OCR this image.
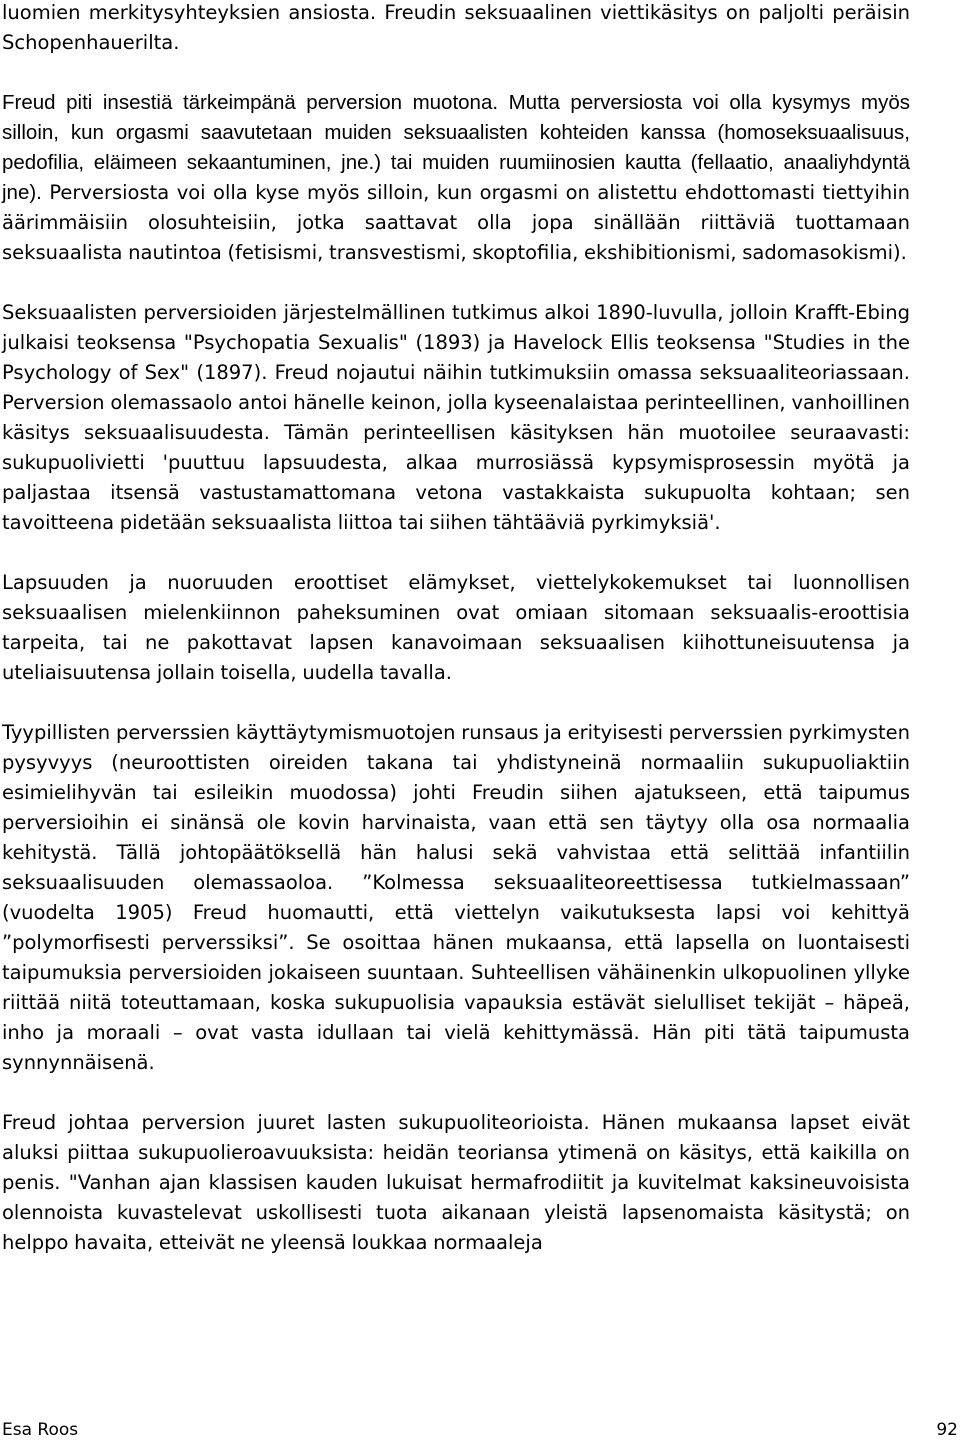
luomien merkitysyhteyksien ansiosta. Freudin seksuaalinen viettikäsitys on paljolti peräisin Schopenhauerilta.

Freud piti insestiä tärkeimpänä perversion muotona. Mutta perversiosta voi olla kysymys myös silloin, kun orgasmi saavutetaan muiden seksuaalisten kohteiden kanssa (homoseksuaalisuus, pedofilia, eläimeen sekaantuminen, jne.) tai muiden ruumiinosien kautta (fellaatio, anaaliyhdyntä jne). Perversiosta voi olla kyse myös silloin, kun orgasmi on alistettu ehdottomasti tiettyihin äärimmäisiin olosuhteisiin, jotka saattavat olla jopa sinällään riittäviä tuottamaan seksuaalista nautintoa (fetisismi, transvestismi, skoptofilia, ekshibitionismi, sadomasokismi).

Seksuaalisten perversioiden järjestelmällinen tutkimus alkoi 1890-luvulla, jolloin Krafft-Ebing julkaisi teoksensa "Psychopatia Sexualis" (1893) ja Havelock Ellis teoksensa "Studies in the Psychology of Sex" (1897). Freud nojautui näihin tutkimuksiin omassa seksuaaliteoriassaan. Perversion olemassaolo antoi hänelle keinon, jolla kyseenalaistaa perinteellinen, vanhoillinen käsitys seksuaalisuudesta. Tämän perinteellisen käsityksen hän muotoilee seuraavasti: sukupuolivietti 'puuttuu lapsuudesta, alkaa murrosiässä kypsymisprosessin myötä ja paljastaa itsensä vastustamattomana vetona vastakkaista sukupuolta kohtaan; sen tavoitteena pidetään seksuaalista liittoa tai siihen tähtääviä pyrkimyksiä'.

Lapsuuden ja nuoruuden eroottiset elämykset, viettelykokemukset tai luonnollisen seksuaalisen mielenkiinnon paheksuminen ovat omiaan sitomaan seksuaalis-eroottisia tarpeita, tai ne pakottavat lapsen kanavoimaan seksuaalisen kiihottuneisuutensa ja uteliaisuutensa jollain toisella, uudella tavalla.

Tyypillisten perverssien käyttäytymismuotojen runsaus ja erityisesti perverssien pyrkimysten pysyvyys (neuroottisten oireiden takana tai yhdistyneinä normaaliin sukupuoliaktiin esimielihyvän tai esileikin muodossa) johti Freudin siihen ajatukseen, että taipumus perversioihin ei sinänsä ole kovin harvinaista, vaan että sen täytyy olla osa normaalia kehitystä. Tällä johtopäätöksellä hän halusi sekä vahvistaa että selittää infantiilin seksuaalisuuden olemassaoloa. ”Kolmessa seksuaaliteoreettisessa tutkielmassaan” (vuodelta 1905) Freud huomautti, että viettelyn vaikutuksesta lapsi voi kehittyä ”polymorfisesti perverssiksi”. Se osoittaa hänen mukaansa, että lapsella on luontaisesti taipumuksia perversioiden jokaiseen suuntaan. Suhteellisen vähäinenkin ulkopuolinen yllyke riittää niitä toteuttamaan, koska sukupuolisia vapauksia estävät sielulliset tekijät – häpeä, inho ja moraali – ovat vasta idullaan tai vielä kehittymässä. Hän piti tätä taipumusta synnynnäisenä.

Freud johtaa perversion juuret lasten sukupuoliteorioista. Hänen mukaansa lapset eivät aluksi piittaa sukupuolieroavuuksista: heidän teoriansa ytimenä on käsitys, että kaikilla on penis. "Vanhan ajan klassisen kauden lukuisat hermafrodiitit ja kuvitelmat kaksineuvoisista olennoista kuvastelevat uskollisesti tuota aikanaan yleistä lapsenomaista käsitystä; on helppo havaita, etteivät ne yleensä loukkaa normaaleja

Esa Roos	92
